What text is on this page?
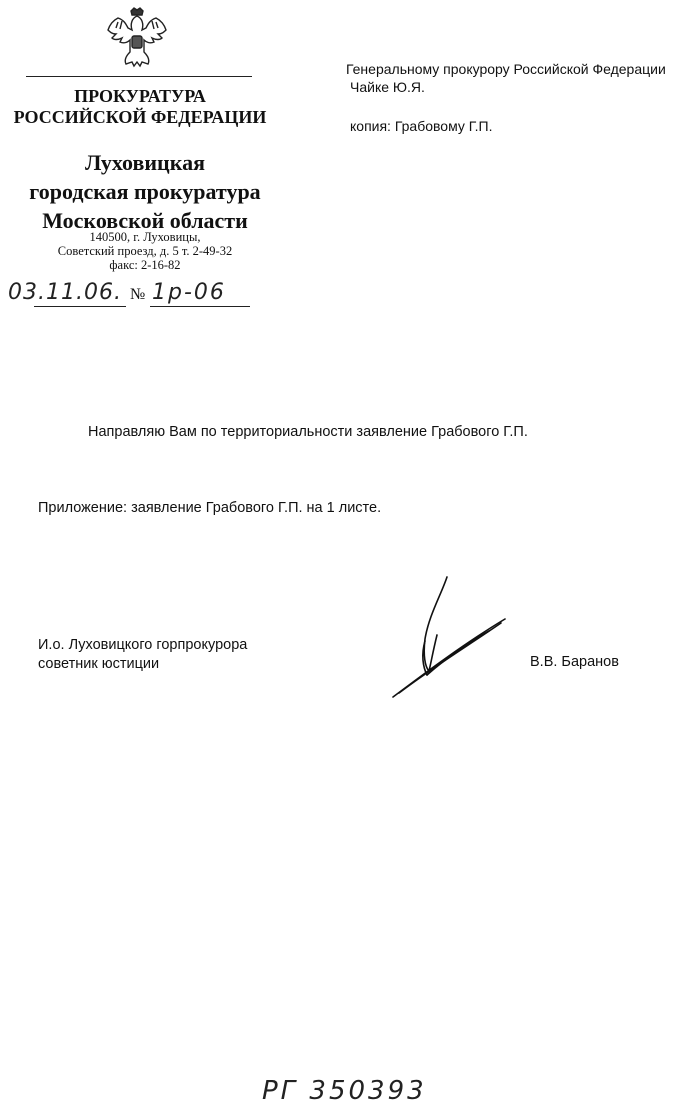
ПРОКУРАТУРА
РОССИЙСКОЙ ФЕДЕРАЦИИ
Луховицкая
городская прокуратура
Московской области
140500, г. Луховицы,
Советский проезд, д. 5 т. 2-49-32
факс: 2-16-82
03.11.06. № 1р-06
Генеральному прокурору Российской Федерации
Чайке Ю.Я.
копия: Грабовому Г.П.
Направляю Вам по территориальности заявление Грабового Г.П.
Приложение: заявление Грабового Г.П. на 1 листе.
И.о. Луховицкого горпрокурора
советник юстиции	В.В. Баранов
РГ 350393
